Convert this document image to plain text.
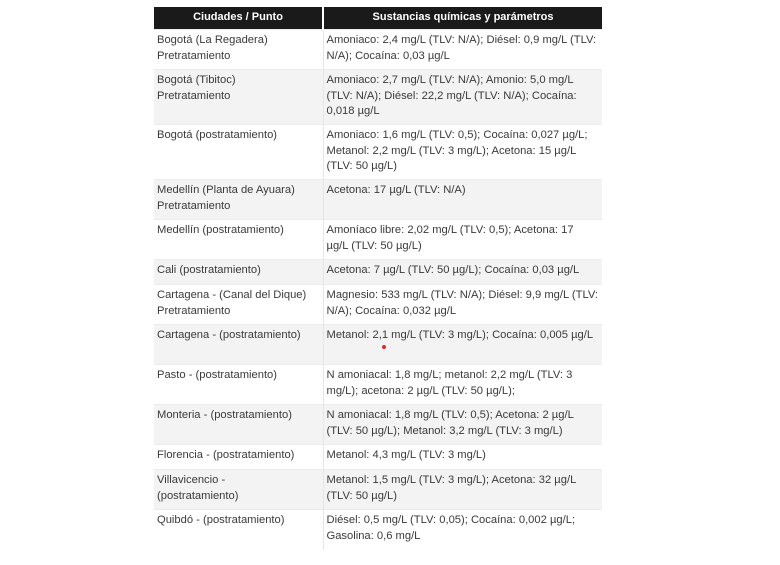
Ciudades / Punto	Sustancias químicas y parámetros
Bogotá (La Regadera)
Pretratamiento	Amoniaco: 2,4 mg/L (TLV: N/A); Diésel: 0,9 mg/L (TLV: N/A); Cocaína: 0,03 µg/L
Bogotá (Tibitoc)
Pretratamiento	Amoniaco: 2,7 mg/L (TLV: N/A); Amonio: 5,0 mg/L (TLV: N/A); Diésel: 22,2 mg/L (TLV: N/A); Cocaína: 0,018 µg/L
Bogotá (postratamiento)	Amoniaco: 1,6 mg/L (TLV: 0,5); Cocaína: 0,027 µg/L; Metanol: 2,2 mg/L (TLV: 3 mg/L); Acetona: 15 µg/L (TLV: 50 µg/L)
Medellín (Planta de Ayuara)
Pretratamiento	Acetona: 17 µg/L (TLV: N/A)
Medellín (postratamiento)	Amoníaco libre: 2,02 mg/L (TLV: 0,5); Acetona: 17 µg/L (TLV: 50 µg/L)
Cali (postratamiento)	Acetona: 7 µg/L (TLV: 50 µg/L); Cocaína: 0,03 µg/L
Cartagena - (Canal del Dique)
Pretratamiento	Magnesio: 533 mg/L (TLV: N/A); Diésel: 9,9 mg/L (TLV: N/A); Cocaína: 0,032 µg/L
Cartagena - (postratamiento)	Metanol: 2,1 mg/L (TLV: 3 mg/L); Cocaína: 0,005 µg/L
Pasto - (postratamiento)	N amoniacal: 1,8 mg/L; metanol: 2,2 mg/L (TLV: 3 mg/L); acetona: 2 µg/L (TLV: 50 µg/L);
Monteria - (postratamiento)	N amoniacal: 1,8 mg/L (TLV: 0,5); Acetona: 2 µg/L (TLV: 50 µg/L); Metanol: 3,2 mg/L (TLV: 3 mg/L)
Florencia - (postratamiento)	Metanol: 4,3 mg/L (TLV: 3 mg/L)
Villavicencio -
(postratamiento)	Metanol: 1,5 mg/L (TLV: 3 mg/L); Acetona: 32 µg/L (TLV: 50 µg/L)
Quibdó - (postratamiento)	Diésel: 0,5 mg/L (TLV: 0,05); Cocaína: 0,002 µg/L; Gasolina: 0,6 mg/L
